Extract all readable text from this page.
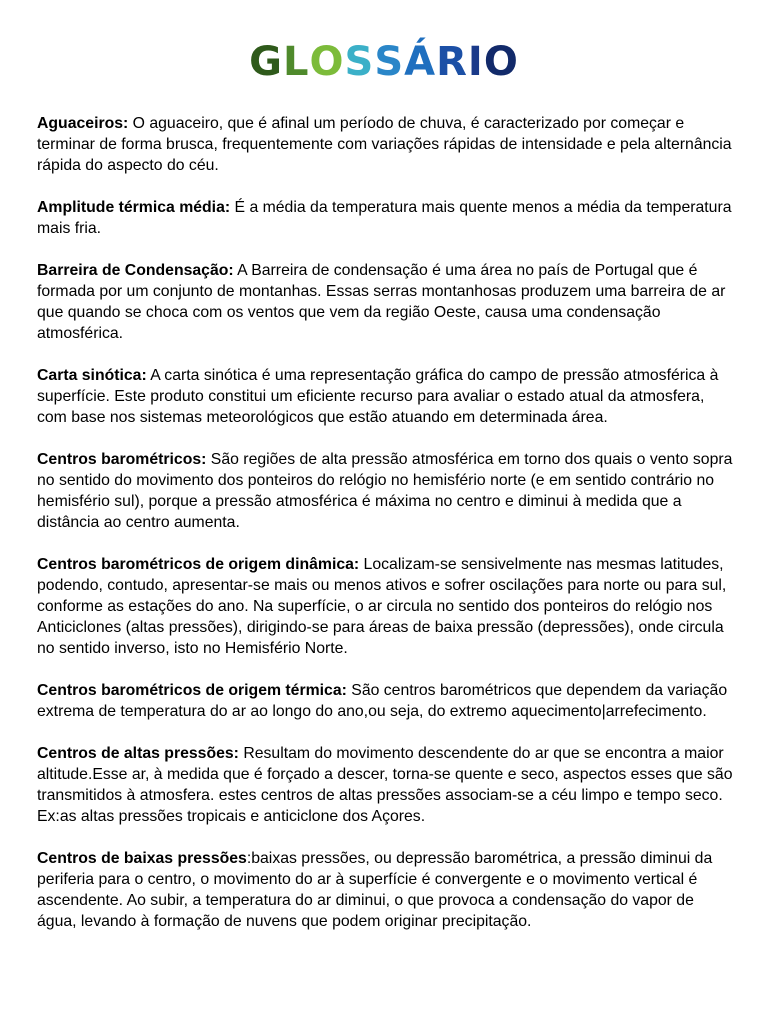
GLOSSÁRIO

Aguaceiros: O aguaceiro, que é afinal um período de chuva, é caracterizado por começar e terminar de forma brusca, frequentemente com variações rápidas de intensidade e pela alternância rápida do aspecto do céu.

Amplitude térmica média: É a média da temperatura mais quente menos a média da temperatura mais fria.

Barreira de Condensação: A Barreira de condensação é uma área no país de Portugal que é formada por um conjunto de montanhas. Essas serras montanhosas produzem uma barreira de ar que quando se choca com os ventos que vem da região Oeste, causa uma condensação atmosférica.

Carta sinótica: A carta sinótica é uma representação gráfica do campo de pressão atmosférica à superfície. Este produto constitui um eficiente recurso para avaliar o estado atual da atmosfera, com base nos sistemas meteorológicos que estão atuando em determinada área.

Centros barométricos: São regiões de alta pressão atmosférica em torno dos quais o vento sopra no sentido do movimento dos ponteiros do relógio no hemisfério norte (e em sentido contrário no hemisfério sul), porque a pressão atmosférica é máxima no centro e diminui à medida que a distância ao centro aumenta.

Centros barométricos de origem dinâmica: Localizam-se sensivelmente nas mesmas latitudes, podendo, contudo, apresentar-se mais ou menos ativos e sofrer oscilações para norte ou para sul, conforme as estações do ano. Na superfície, o ar circula no sentido dos ponteiros do relógio nos Anticiclones (altas pressões), dirigindo-se para áreas de baixa pressão (depressões), onde circula no sentido inverso, isto no Hemisfério Norte.

Centros barométricos de origem térmica: São centros barométricos que dependem da variação extrema de temperatura do ar ao longo do ano,ou seja, do extremo aquecimento|arrefecimento.

Centros de altas pressões: Resultam do movimento descendente do ar que se encontra a maior altitude.Esse ar, à medida que é forçado a descer, torna-se quente e seco, aspectos esses que são transmitidos à atmosfera. estes centros de altas pressões associam-se a céu limpo e tempo seco. Ex:as altas pressões tropicais e anticiclone dos Açores.

Centros de baixas pressões:baixas pressões, ou depressão barométrica, a pressão diminui da periferia para o centro, o movimento do ar à superfície é convergente e o movimento vertical é ascendente. Ao subir, a temperatura do ar diminui, o que provoca a condensação do vapor de água, levando à formação de nuvens que podem originar precipitação.
